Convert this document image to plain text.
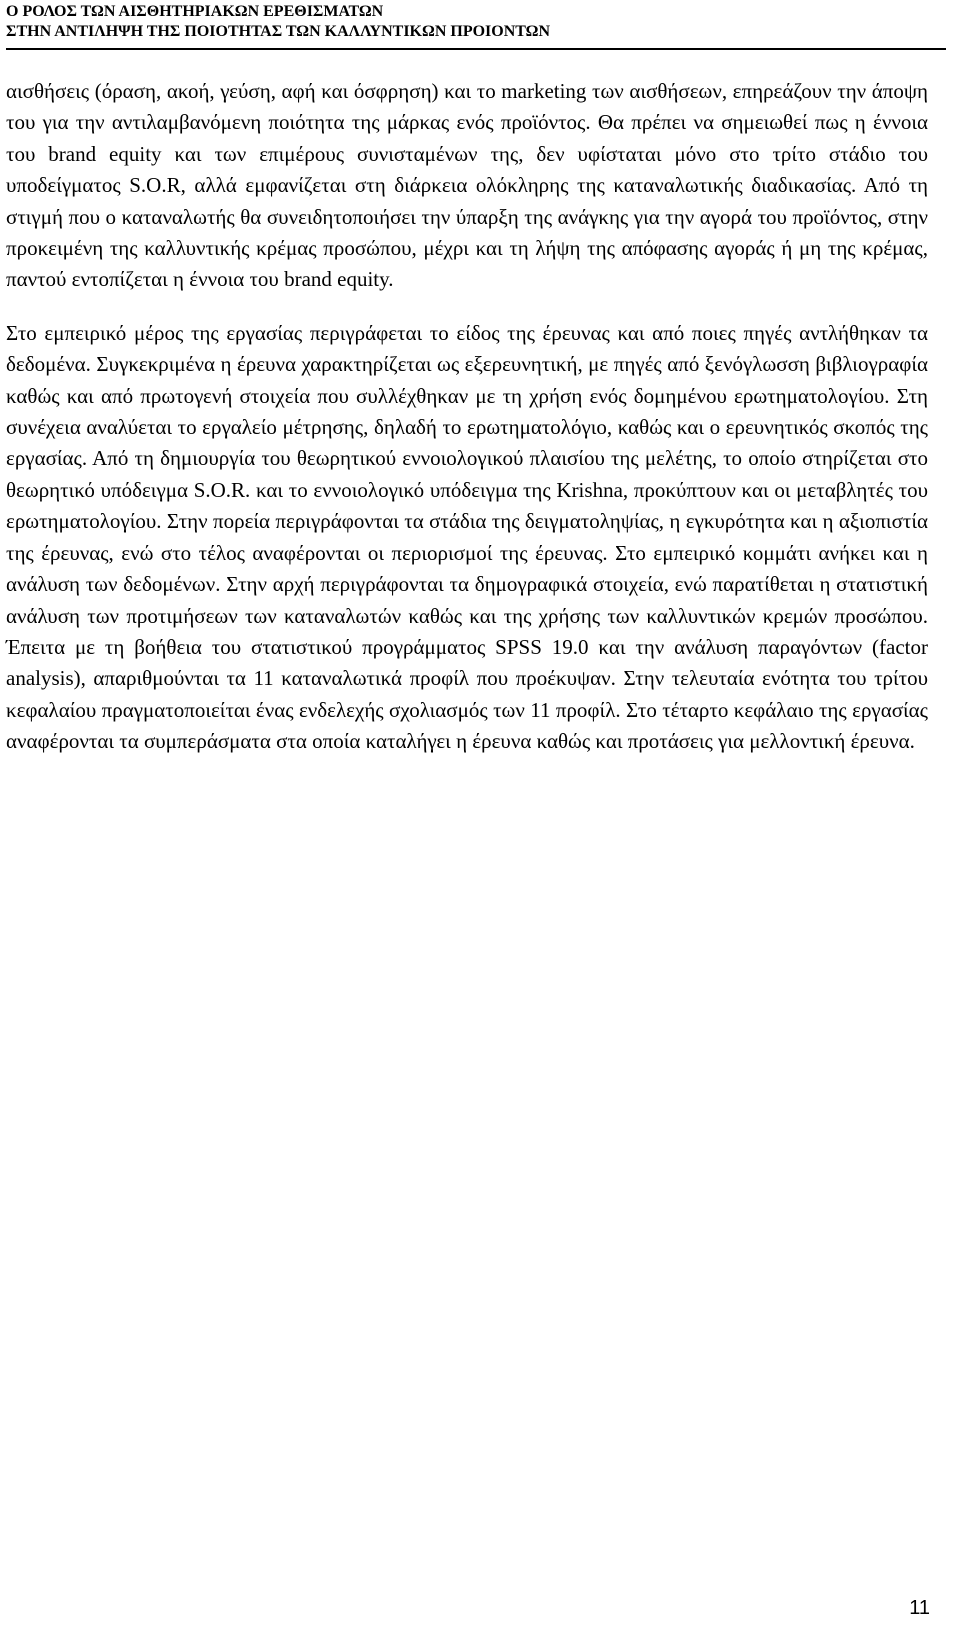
Ο ΡΟΛΟΣ ΤΩΝ ΑΙΣΘΗΤΗΡΙΑΚΩΝ ΕΡΕΘΙΣΜΑΤΩΝ
ΣΤΗΝ ΑΝΤΙΛΗΨΗ ΤΗΣ ΠΟΙΟΤΗΤΑΣ ΤΩΝ ΚΑΛΛΥΝΤΙΚΩΝ ΠΡΟΙΟΝΤΩΝ

αισθήσεις (όραση, ακοή, γεύση, αφή και όσφρηση) και το marketing των αισθήσεων, επηρεάζουν την άποψη του για την αντιλαμβανόμενη ποιότητα της μάρκας ενός προϊόντος. Θα πρέπει να σημειωθεί πως η έννοια του brand equity και των επιμέρους συνισταμένων της, δεν υφίσταται μόνο στο τρίτο στάδιο του υποδείγματος S.O.R, αλλά εμφανίζεται στη διάρκεια ολόκληρης της καταναλωτικής διαδικασίας. Από τη στιγμή που ο καταναλωτής θα συνειδητοποιήσει την ύπαρξη της ανάγκης για την αγορά του προϊόντος, στην προκειμένη της καλλυντικής κρέμας προσώπου, μέχρι και τη λήψη της απόφασης αγοράς ή μη της κρέμας, παντού εντοπίζεται η έννοια του brand equity.

Στο εμπειρικό μέρος της εργασίας περιγράφεται το είδος της έρευνας και από ποιες πηγές αντλήθηκαν τα δεδομένα. Συγκεκριμένα η έρευνα χαρακτηρίζεται ως εξερευνητική, με πηγές από ξενόγλωσση βιβλιογραφία καθώς και από πρωτογενή στοιχεία που συλλέχθηκαν με τη χρήση ενός δομημένου ερωτηματολογίου. Στη συνέχεια αναλύεται το εργαλείο μέτρησης, δηλαδή το ερωτηματολόγιο, καθώς και ο ερευνητικός σκοπός της εργασίας. Από τη δημιουργία του θεωρητικού εννοιολογικού πλαισίου της μελέτης, το οποίο στηρίζεται στο θεωρητικό υπόδειγμα S.O.R. και το εννοιολογικό υπόδειγμα της Krishna, προκύπτουν και οι μεταβλητές του ερωτηματολογίου. Στην πορεία περιγράφονται τα στάδια της δειγματοληψίας, η εγκυρότητα και η αξιοπιστία της έρευνας, ενώ στο τέλος αναφέρονται οι περιορισμοί της έρευνας. Στο εμπειρικό κομμάτι ανήκει και η ανάλυση των δεδομένων. Στην αρχή περιγράφονται τα δημογραφικά στοιχεία, ενώ παρατίθεται η στατιστική ανάλυση των προτιμήσεων των καταναλωτών καθώς και της χρήσης των καλλυντικών κρεμών προσώπου. Έπειτα με τη βοήθεια του στατιστικού προγράμματος SPSS 19.0 και την ανάλυση παραγόντων (factor analysis), απαριθμούνται τα 11 καταναλωτικά προφίλ που προέκυψαν. Στην τελευταία ενότητα του τρίτου κεφαλαίου πραγματοποιείται ένας ενδελεχής σχολιασμός των 11 προφίλ. Στο τέταρτο κεφάλαιο της εργασίας αναφέρονται τα συμπεράσματα στα οποία καταλήγει η έρευνα καθώς και προτάσεις για μελλοντική έρευνα.

11
